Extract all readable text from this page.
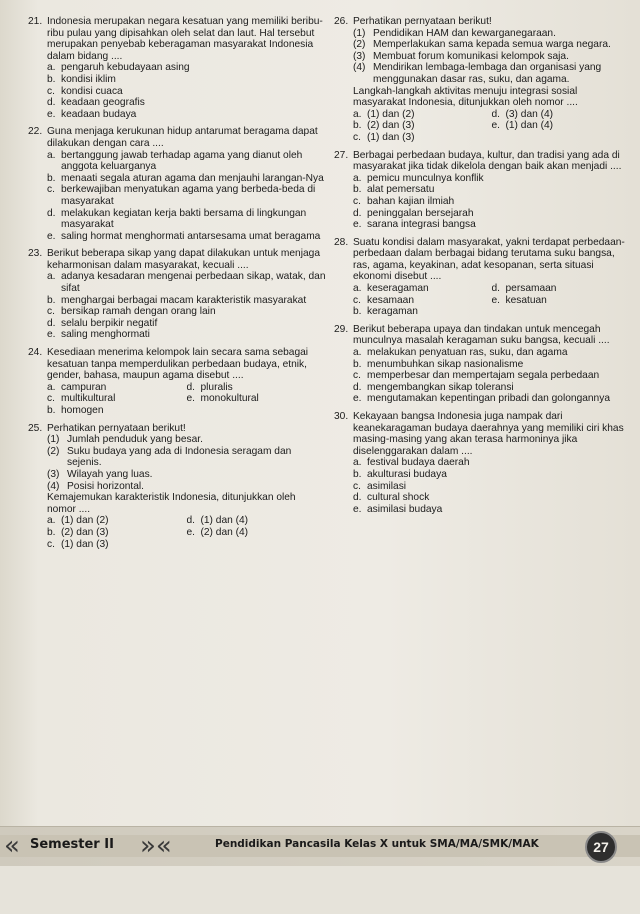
21. Indonesia merupakan negara kesatuan yang memiliki beribu-ribu pulau yang dipisahkan oleh selat dan laut. Hal tersebut merupakan penyebab keberagaman masyarakat Indonesia dalam bidang ....
a. pengaruh kebudayaan asing
b. kondisi iklim
c. kondisi cuaca
d. keadaan geografis
e. keadaan budaya
22. Guna menjaga kerukunan hidup antarumat beragama dapat dilakukan dengan cara ....
a. bertanggung jawab terhadap agama yang dianut oleh anggota keluarganya
b. menaati segala aturan agama dan menjauhi larangan-Nya
c. berkewajiban menyatukan agama yang berbeda-beda di masyarakat
d. melakukan kegiatan kerja bakti bersama di lingkungan masyarakat
e. saling hormat menghormati antarsesama umat beragama
23. Berikut beberapa sikap yang dapat dilakukan untuk menjaga keharmonisan dalam masyarakat, kecuali ....
a. adanya kesadaran mengenai perbedaan sikap, watak, dan sifat
b. menghargai berbagai macam karakteristik masyarakat
c. bersikap ramah dengan orang lain
d. selalu berpikir negatif
e. saling menghormati
24. Kesediaan menerima kelompok lain secara sama sebagai kesatuan tanpa memperdulikan perbedaan budaya, etnik, gender, bahasa, maupun agama disebut ....
a. campuran	d. pluralis
c. multikultural	e. monokultural
b. homogen
25. Perhatikan pernyataan berikut!
(1) Jumlah penduduk yang besar.
(2) Suku budaya yang ada di Indonesia seragam dan sejenis.
(3) Wilayah yang luas.
(4) Posisi horizontal.
Kemajemukan karakteristik Indonesia, ditunjukkan oleh nomor ....
a. (1) dan (2)	d. (1) dan (4)
b. (2) dan (3)	e. (2) dan (4)
c. (1) dan (3)
26. Perhatikan pernyataan berikut!
(1) Pendidikan HAM dan kewarganegaraan.
(2) Memperlakukan sama kepada semua warga negara.
(3) Membuat forum komunikasi kelompok saja.
(4) Mendirikan lembaga-lembaga dan organisasi yang menggunakan dasar ras, suku, dan agama.
Langkah-langkah aktivitas menuju integrasi sosial masyarakat Indonesia, ditunjukkan oleh nomor ....
a. (1) dan (2)	d. (3) dan (4)
b. (2) dan (3)	e. (1) dan (4)
c. (1) dan (3)
27. Berbagai perbedaan budaya, kultur, dan tradisi yang ada di masyarakat jika tidak dikelola dengan baik akan menjadi ....
a. pemicu munculnya konflik
b. alat pemersatu
c. bahan kajian ilmiah
d. peninggalan bersejarah
e. sarana integrasi bangsa
28. Suatu kondisi dalam masyarakat, yakni terdapat perbedaan-perbedaan dalam berbagai bidang terutama suku bangsa, ras, agama, keyakinan, adat kesopanan, serta situasi ekonomi disebut ....
a. keseragaman	d. persamaan
c. kesamaan	e. kesatuan
b. keragaman
29. Berikut beberapa upaya dan tindakan untuk mencegah munculnya masalah keragaman suku bangsa, kecuali ....
a. melakukan penyatuan ras, suku, dan agama
b. menumbuhkan sikap nasionalisme
c. memperbesar dan mempertajam segala perbedaan
d. mengembangkan sikap toleransi
e. mengutamakan kepentingan pribadi dan golongannya
30. Kekayaan bangsa Indonesia juga nampak dari keanekaragaman budaya daerahnya yang memiliki ciri khas masing-masing yang akan terasa harmoninya jika diselenggarakan dalam ....
a. festival budaya daerah
b. akulturasi budaya
c. asimilasi
d. cultural shock
e. asimilasi budaya
« Semester II »«	Pendidikan Pancasila Kelas X untuk SMA/MA/SMK/MAK	27
